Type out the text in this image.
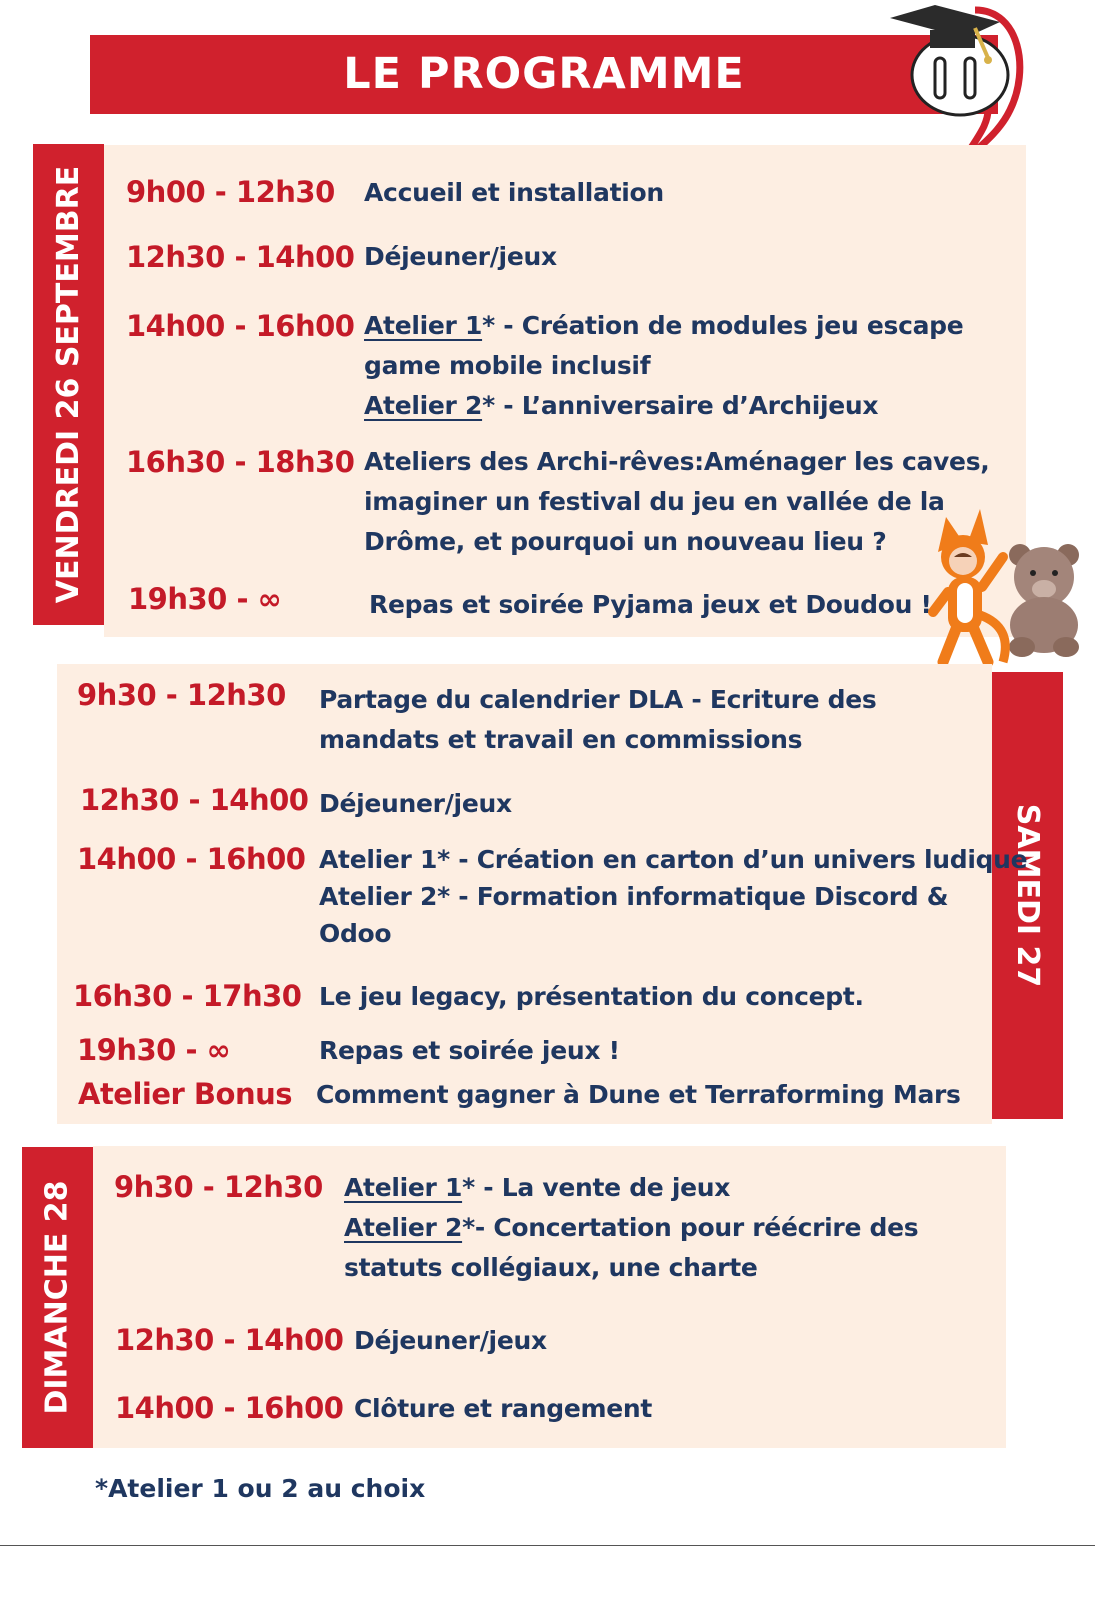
LE PROGRAMME
VENDREDI 26 SEPTEMBRE 9h00 - 12h30 Accueil et installation
12h30 - 14h00 Déjeuner/jeux
14h00 - 16h00 Atelier 1* - Création de modules jeu escape
game mobile inclusif
Atelier 2* - L’anniversaire d’Archijeux
16h30 - 18h30 Ateliers des Archi-rêves:Aménager les caves,
imaginer un festival du jeu en vallée de la
Drôme, et pourquoi un nouveau lieu ?
19h30 - ∞	Repas et soirée Pyjama jeux et Doudou !
SAMEDI 27
9h30 - 12h30 Partage du calendrier DLA - Ecriture des
mandats et travail en commissions
12h30 - 14h00 Déjeuner/jeux
14h00 - 16h00 Atelier 1* - Création en carton d’un univers ludique
Atelier 2* - Formation informatique Discord &
Odoo
16h30 - 17h30 Le jeu legacy, présentation du concept.
19h30 - ∞	Repas et soirée jeux !
Atelier Bonus Comment gagner à Dune et Terraforming Mars
DIMANCHE 28 9h30 - 12h30 Atelier 1* - La vente de jeux
Atelier 2*- Concertation pour réécrire des
statuts collégiaux, une charte
12h30 - 14h00 Déjeuner/jeux
14h00 - 16h00 Clôture et rangement
*Atelier 1 ou 2 au choix
